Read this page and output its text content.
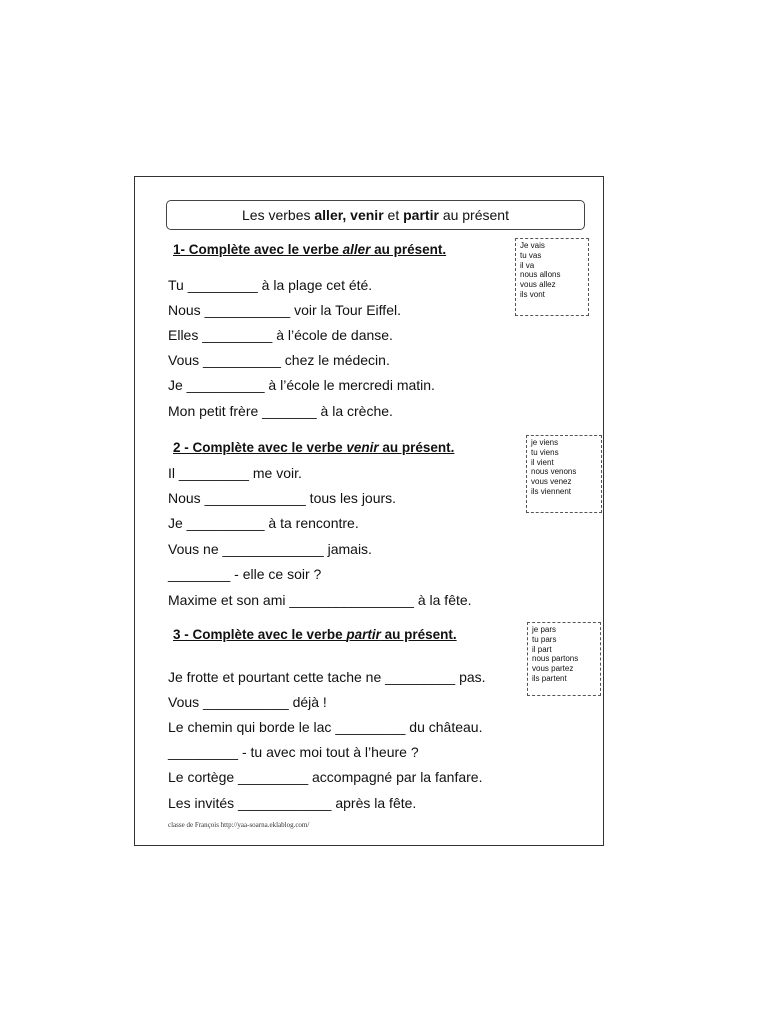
Les verbes
aller, venir
et
partir
au présent
1- Complète avec le verbe aller au présent.	Je vais
tu vas
il va
nous allons
vous allez
ils vont
Tu _________ à la plage cet été.
Nous ___________ voir la Tour Eiffel.
Elles _________ à l’école de danse.
Vous __________ chez le médecin.
Je __________ à l’école le mercredi matin.
Mon petit frère _______ à la crèche.
2 - Complète avec le verbe venir au présent.	je viens
tu viens
il vient
nous venons
vous venez
ils viennent
Il _________ me voir.
Nous _____________ tous les jours.
Je __________ à ta rencontre.
Vous ne _____________ jamais.
________ - elle ce soir ?
Maxime et son ami ________________ à la fête.
3 - Complète avec le verbe partir au présent.	je pars
tu pars
il part
nous partons
vous partez
ils partent
Je frotte et pourtant cette tache ne _________ pas.
Vous ___________ déjà !
Le chemin qui borde le lac _________ du château.
_________ - tu avec moi tout à l’heure ?
Le cortège _________ accompagné par la fanfare.
Les invités ____________ après la fête.
classe de François http://yaa-soarna.eklablog.com/
